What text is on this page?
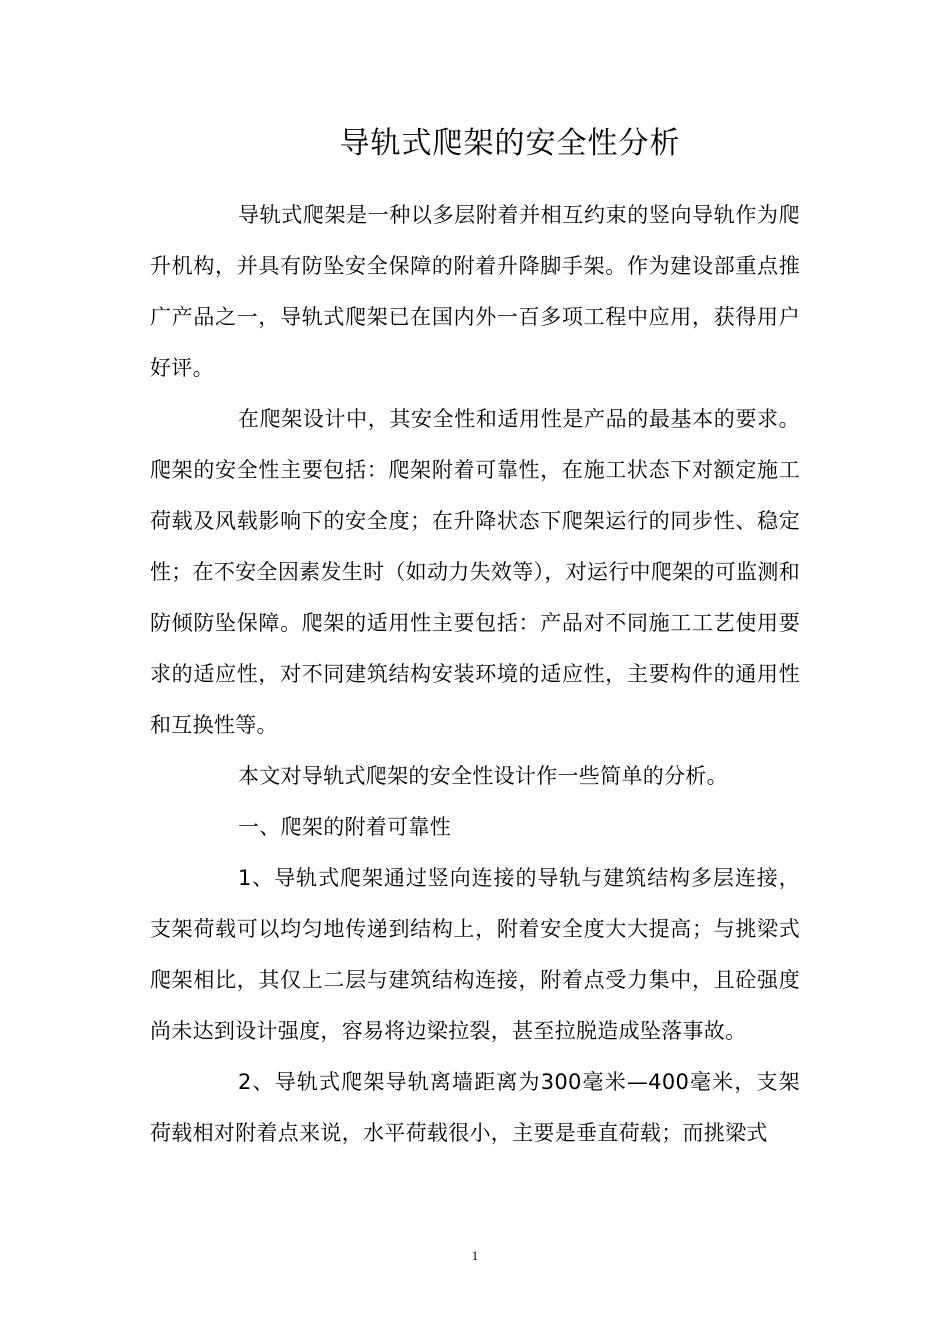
导轨式爬架的安全性分析

导轨式爬架是一种以多层附着并相互约束的竖向导轨作为爬升机构，并具有防坠安全保障的附着升降脚手架。作为建设部重点推广产品之一，导轨式爬架已在国内外一百多项工程中应用，获得用户好评。

在爬架设计中，其安全性和适用性是产品的最基本的要求。爬架的安全性主要包括：爬架附着可靠性，在施工状态下对额定施工荷载及风载影响下的安全度；在升降状态下爬架运行的同步性、稳定性；在不安全因素发生时（如动力失效等），对运行中爬架的可监测和防倾防坠保障。爬架的适用性主要包括：产品对不同施工工艺使用要求的适应性，对不同建筑结构安装环境的适应性，主要构件的通用性和互换性等。

本文对导轨式爬架的安全性设计作一些简单的分析。

一、爬架的附着可靠性

1、导轨式爬架通过竖向连接的导轨与建筑结构多层连接，支架荷载可以均匀地传递到结构上，附着安全度大大提高；与挑梁式爬架相比，其仅上二层与建筑结构连接，附着点受力集中，且砼强度尚未达到设计强度，容易将边梁拉裂，甚至拉脱造成坠落事故。

2、导轨式爬架导轨离墙距离为300毫米—400毫米，支架荷载相对附着点来说，水平荷载很小，主要是垂直荷载；而挑梁式

1
